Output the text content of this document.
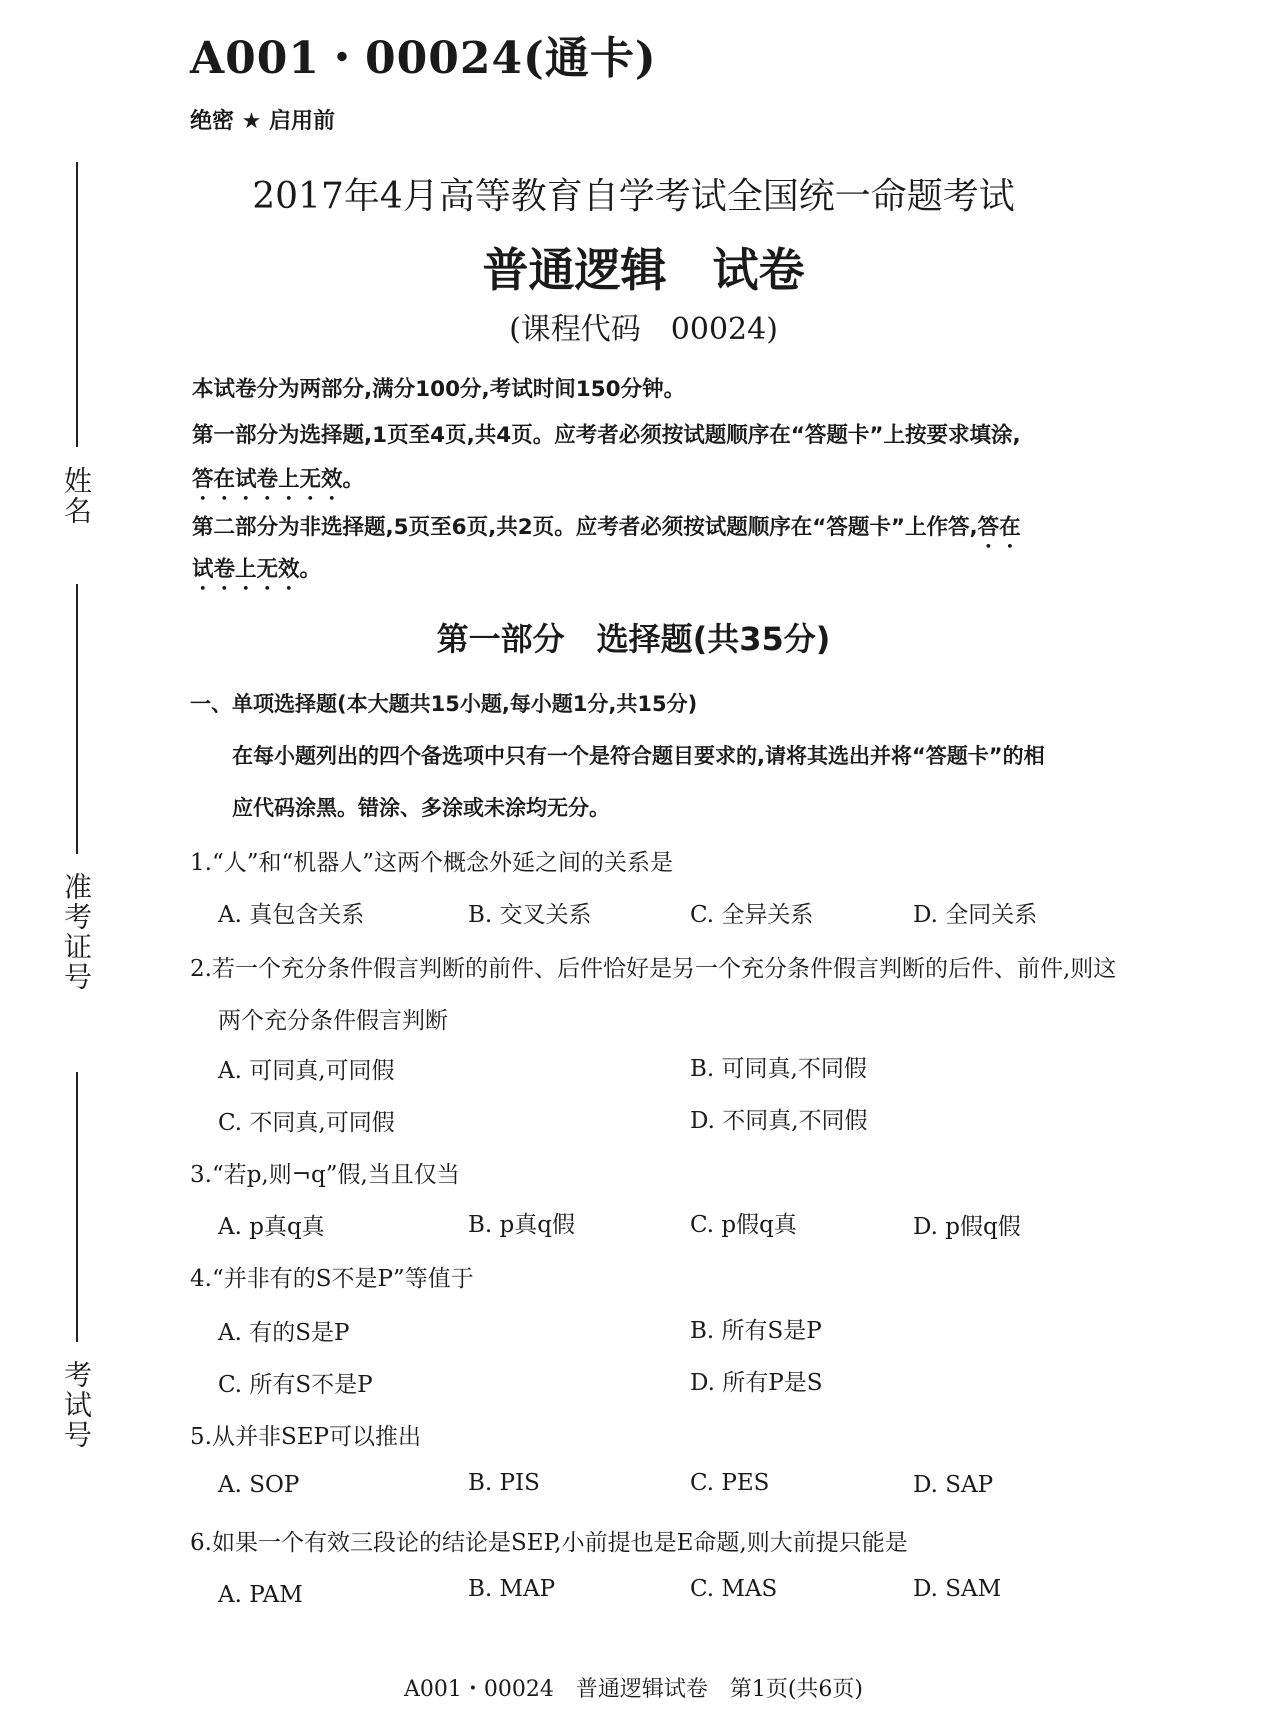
姓名
准考证号
考试号
A001・00024(通卡)
绝密 ★ 启用前
2017年4月高等教育自学考试全国统一命题考试
普通逻辑　试卷
(课程代码　00024)
本试卷分为两部分,满分100分,考试时间150分钟。
第一部分为选择题,1页至4页,共4页。应考者必须按试题顺序在“答题卡”上按要求填涂,
答在试卷上无效。
第二部分为非选择题,5页至6页,共2页。应考者必须按试题顺序在“答题卡”上作答,答在
试卷上无效。
第一部分　选择题(共35分)
一、单项选择题(本大题共15小题,每小题1分,共15分)
在每小题列出的四个备选项中只有一个是符合题目要求的,请将其选出并将“答题卡”的相
应代码涂黑。错涂、多涂或未涂均无分。
1.“人”和“机器人”这两个概念外延之间的关系是
A. 真包含关系	B. 交叉关系	C. 全异关系	D. 全同关系
2.若一个充分条件假言判断的前件、后件恰好是另一个充分条件假言判断的后件、前件,则这
两个充分条件假言判断
A. 可同真,可同假	B. 可同真,不同假
C. 不同真,可同假	D. 不同真,不同假
3.“若p,则¬q”假,当且仅当
A. p真q真	B. p真q假	C. p假q真	D. p假q假
4.“并非有的S不是P”等值于
A. 有的S是P	B. 所有S是P
C. 所有S不是P	D. 所有P是S
5.从并非SEP可以推出
A. SOP	B. PIS	C. PES	D. SAP
6.如果一个有效三段论的结论是SEP,小前提也是E命题,则大前提只能是
A. PAM	B. MAP	C. MAS	D. SAM
A001・00024　普通逻辑试卷　第1页(共6页)
